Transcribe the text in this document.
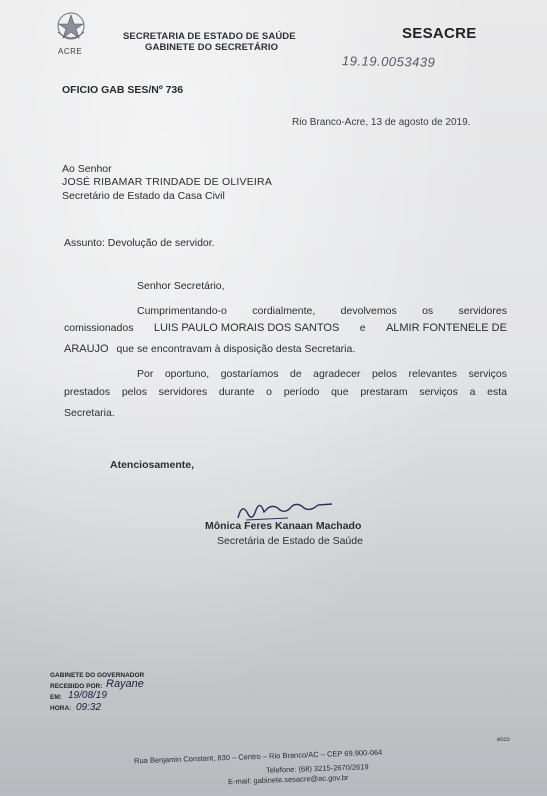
ACRE
SECRETARIA DE ESTADO DE SAÚDE
GABINETE DO SECRETÁRIO
SESACRE
19.19.0053439
OFICIO GAB SES/Nº 736
Rio Branco-Acre, 13 de agosto de 2019.
Ao Senhor
JOSÉ RIBAMAR TRINDADE DE OLIVEIRA
Secretário de Estado da Casa Civil
Assunto: Devolução de servidor.
Senhor Secretário,
Cumprimentando-o cordialmente, devolvemos os servidores
comissionados LUIS PAULO MORAIS DOS SANTOS e ALMIR FONTENELE DE
ARAUJO que se encontravam à disposição desta Secretaria.
Por oportuno, gostaríamos de agradecer pelos relevantes serviços
prestados pelos servidores durante o período que prestaram serviços a esta
Secretaria.
Atenciosamente,
Mônica Feres Kanaan Machado
Secretária de Estado de Saúde
GABINETE DO GOVERNADOR
RECEBIDO POR: Rayane
EM: 19/08/19
HORA: 09:32
Rua Benjamin Constant, 830 – Centro – Rio Branco/AC – CEP 69.900-064
Telefone: (68) 3215-2670/2619
E-mail: gabinete.sesacre@ac.gov.br
ecco
